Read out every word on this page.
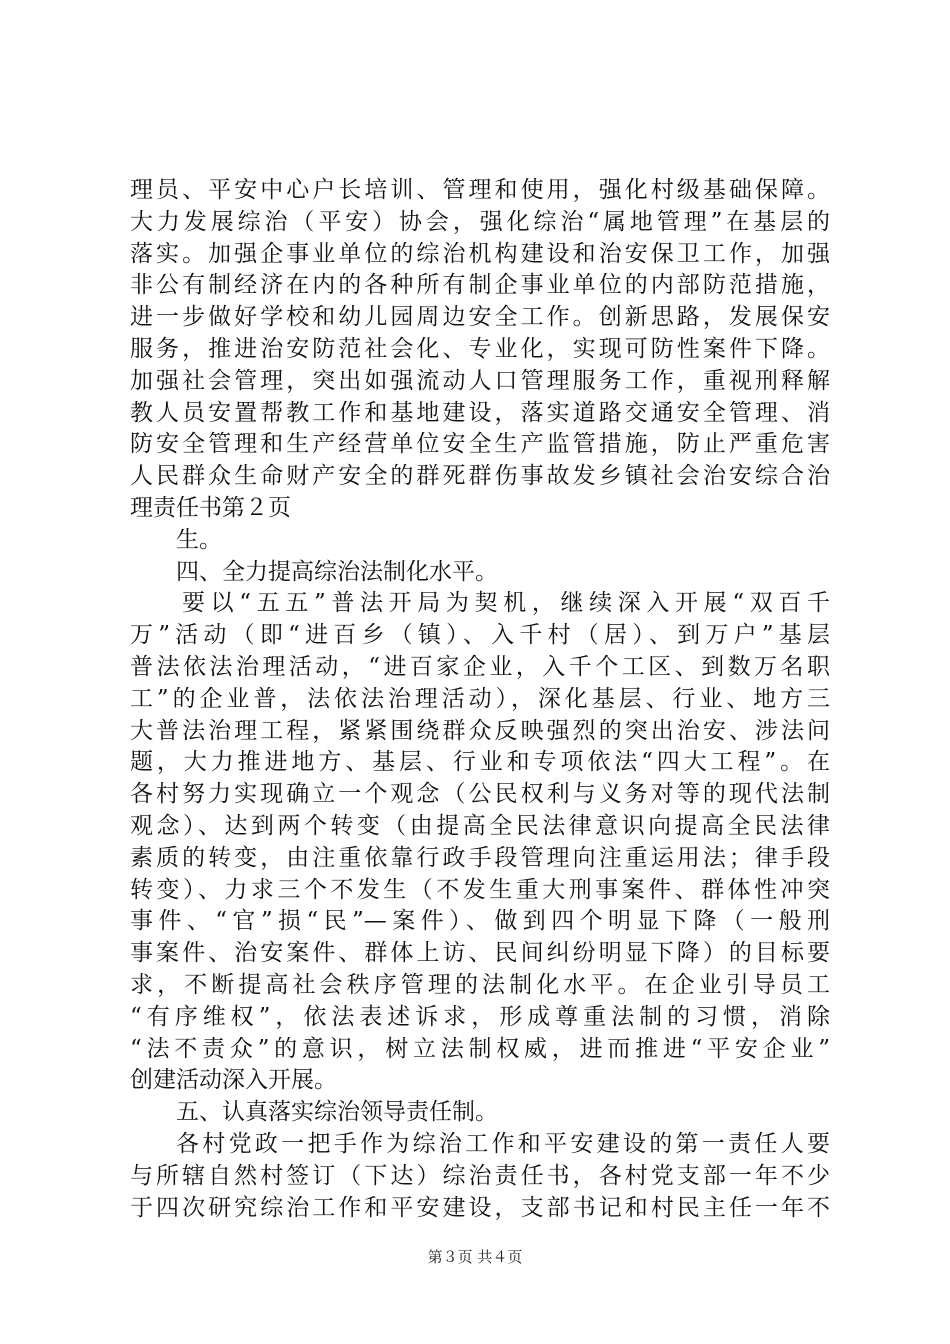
理员、平安中心户长培训、管理和使用，强化村级基础保障。
大力发展综治（平安）协会，强化综治“属地管理”在基层的
落实。加强企事业单位的综治机构建设和治安保卫工作，加强
非公有制经济在内的各种所有制企事业单位的内部防范措施，
进一步做好学校和幼儿园周边安全工作。创新思路，发展保安
服务，推进治安防范社会化、专业化，实现可防性案件下降。
加强社会管理，突出如强流动人口管理服务工作，重视刑释解
教人员安置帮教工作和基地建设，落实道路交通安全管理、消
防安全管理和生产经营单位安全生产监管措施，防止严重危害
人民群众生命财产安全的群死群伤事故发乡镇社会治安综合治
理责任书第２页
生。
四、全力提高综治法制化水平。
要以“五五”普法开局为契机，继续深入开展“双百千
万”活动（即“进百乡（镇）、入千村（居）、到万户”基层
普法依法治理活动，“进百家企业，入千个工区、到数万名职
工”的企业普，法依法治理活动），深化基层、行业、地方三
大普法治理工程，紧紧围绕群众反映强烈的突出治安、涉法问
题，大力推进地方、基层、行业和专项依法“四大工程”。在
各村努力实现确立一个观念（公民权利与义务对等的现代法制
观念）、达到两个转变（由提高全民法律意识向提高全民法律
素质的转变，由注重依靠行政手段管理向注重运用法；律手段
转变）、力求三个不发生（不发生重大刑事案件、群体性冲突
事件、“官”损“民”—案件）、做到四个明显下降（一般刑
事案件、治安案件、群体上访、民间纠纷明显下降）的目标要
求，不断提高社会秩序管理的法制化水平。在企业引导员工
“有序维权”，依法表述诉求，形成尊重法制的习惯，消除
“法不责众”的意识，树立法制权威，进而推进“平安企业”
创建活动深入开展。
五、认真落实综治领导责任制。
各村党政一把手作为综治工作和平安建设的第一责任人要
与所辖自然村签订（下达）综治责任书，各村党支部一年不少
于四次研究综治工作和平安建设，支部书记和村民主任一年不
第３页 共４页
